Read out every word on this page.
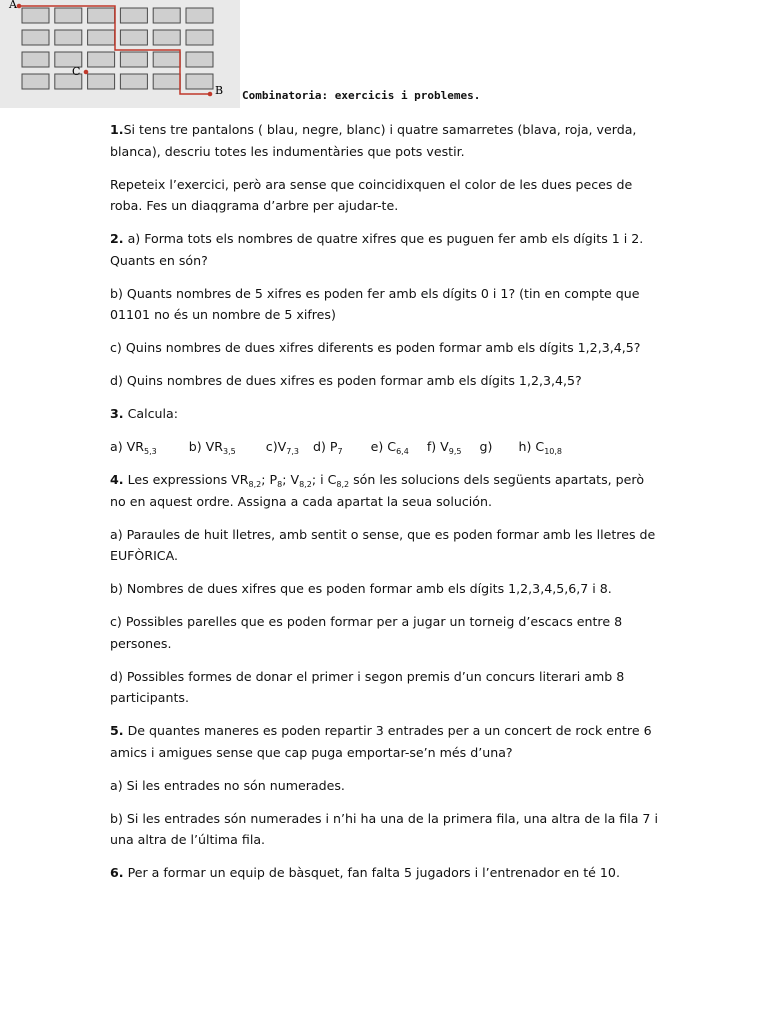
A
C
B Combinatoria: exercicis i problemes.

1.Si tens tre pantalons ( blau, negre, blanc) i quatre samarretes (blava, roja, verda, blanca), descriu totes les indumentàries que pots vestir.

Repeteix l’exercici, però ara sense que coincidixquen el color de les dues peces de roba. Fes un diaqgrama d’arbre per ajudar-te.

2. a) Forma tots els nombres de quatre xifres que es puguen fer amb els dígits 1 i 2. Quants en són?

b) Quants nombres de 5 xifres es poden fer amb els dígits 0 i 1? (tin en compte que 01101 no és un nombre de 5 xifres)

c) Quins nombres de dues xifres diferents es poden formar amb els dígits 1,2,3,4,5?

d) Quins nombres de dues xifres es poden formar amb els dígits 1,2,3,4,5?

3. Calcula:

a) $VR_{5,3}$	b) $VR_{3,5}$ $c)V_{7,3}$ d) $P_7$ e) $C_{6,4}$ f) $V_{9,5}$ g) h) $C_{10,8}$

4. Les expressions $VR_{8,2}$; $P_8$; $V_{8,2}$; i $C_{8,2}$ són les solucions dels següents apartats, però no en aquest ordre. Assigna a cada apartat la seua solución.

a) Paraules de huit lletres, amb sentit o sense, que es poden formar amb les lletres de EUFÒRICA.

b) Nombres de dues xifres que es poden formar amb els dígits 1,2,3,4,5,6,7 i 8.

c) Possibles parelles que es poden formar per a jugar un torneig d’escacs entre 8 persones.

d) Possibles formes de donar el primer i segon premis d’un concurs literari amb 8 participants.

5. De quantes maneres es poden repartir 3 entrades per a un concert de rock entre 6 amics i amigues sense que cap puga emportar-se’n més d’una?

a) Si les entrades no són numerades.

b) Si les entrades són numerades i n’hi ha una de la primera fila, una altra de la fila 7 i una altra de l’última fila.

6. Per a formar un equip de bàsquet, fan falta 5 jugadors i l’entrenador en té 10.
